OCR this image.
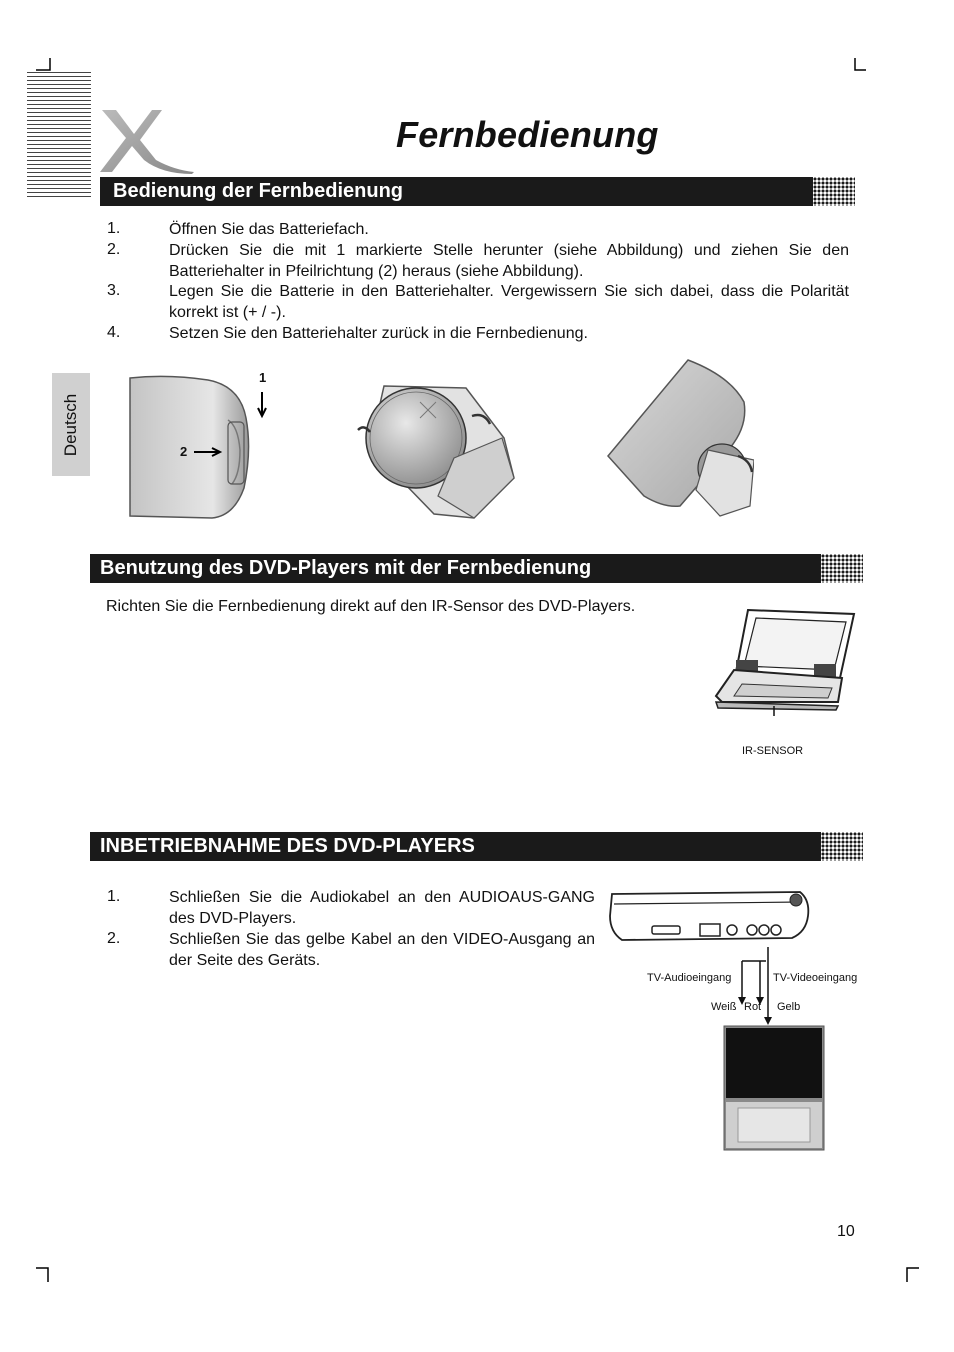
Fernbedienung
Bedienung der Fernbedienung
1.	Öffnen Sie das Batteriefach.
2.	Drücken Sie die mit 1 markierte Stelle herunter (siehe Abbildung) und ziehen Sie den Batteriehalter in Pfeilrichtung (2) heraus (siehe Abbildung).
3.	Legen Sie die Batterie in den Batteriehalter. Vergewissern Sie sich dabei, dass die Polarität korrekt ist (+ / -).
4.	Setzen Sie den Batteriehalter zurück in die Fernbedienung.
Deutsch
1
2
Benutzung des DVD-Players mit der Fernbedienung
Richten Sie die Fernbedienung direkt auf den IR-Sensor des DVD-Players.
IR-SENSOR
INBETRIEBNAHME DES DVD-PLAYERS
1.	Schließen Sie die Audiokabel an den AUDIOAUS-GANG des DVD-Players.
2.	Schließen Sie das gelbe Kabel an den VIDEO-Ausgang an der Seite des Geräts.
TV-Audioeingang	TV-Videoeingang
Weiß Rot Gelb
10
